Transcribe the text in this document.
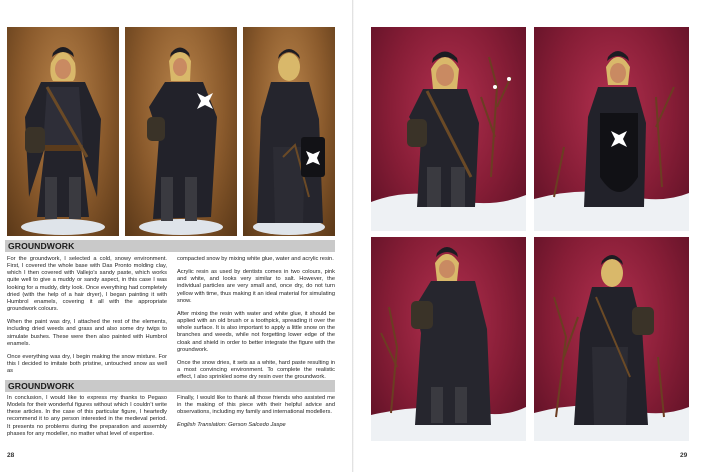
GROUNDWORK

For the groundwork, I selected a cold, snowy environment. First, I covered the whole base with Das Pronto molding clay, which I then covered with Vallejo’s sandy paste, which works quite well to give a muddy or sandy aspect, in this case I was looking for a muddy, dirty look. Once everything had completely dried (with the help of a hair dryer), I began painting it with Humbrol enamels, covering it all with the appropriate groundwork colours.

When the paint was dry, I attached the rest of the elements, including dried weeds and grass and also some dry twigs to simulate bushes. These were then also painted with Humbrol enamels.

Once everything was dry, I begin making the snow mixture. For this I decided to imitate both pristine, untouched snow as well as

compacted snow by mixing white glue, water and acrylic resin.

Acrylic resin as used by dentists comes in two colours, pink and white, and looks very similar to salt. However, the individual particles are very small and, once dry, do not turn yellow with time, thus making it an ideal material for simulating snow.

After mixing the resin with water and white glue, it should be applied with an old brush or a toothpick, spreading it over the whole surface. It is also important to apply a little snow on the branches and weeds, while not forgetting lower edge of the cloak and shield in order to better integrate the figure with the groundwork.

Once the snow dries, it sets as a white, hard paste resulting in a most convincing environment. To complete the realistic effect, I also sprinkled some dry resin over the groundwork.

GROUNDWORK

In conclusion, I would like to express my thanks to Pegaso Models for their wonderful figures without which I couldn’t write these articles. In the case of this particular figure, I heartedly recommend it to any person interested in the medieval period. It presents no problems during the preparation and assembly phases for any modeller, no matter what level of expertise.

Finally, I would like to thank all those friends who assisted me in the making of this piece with their helpful advice and observations, including my family and international modellers.

English Translation: Gerson Salcedo Jaspe

28	29
